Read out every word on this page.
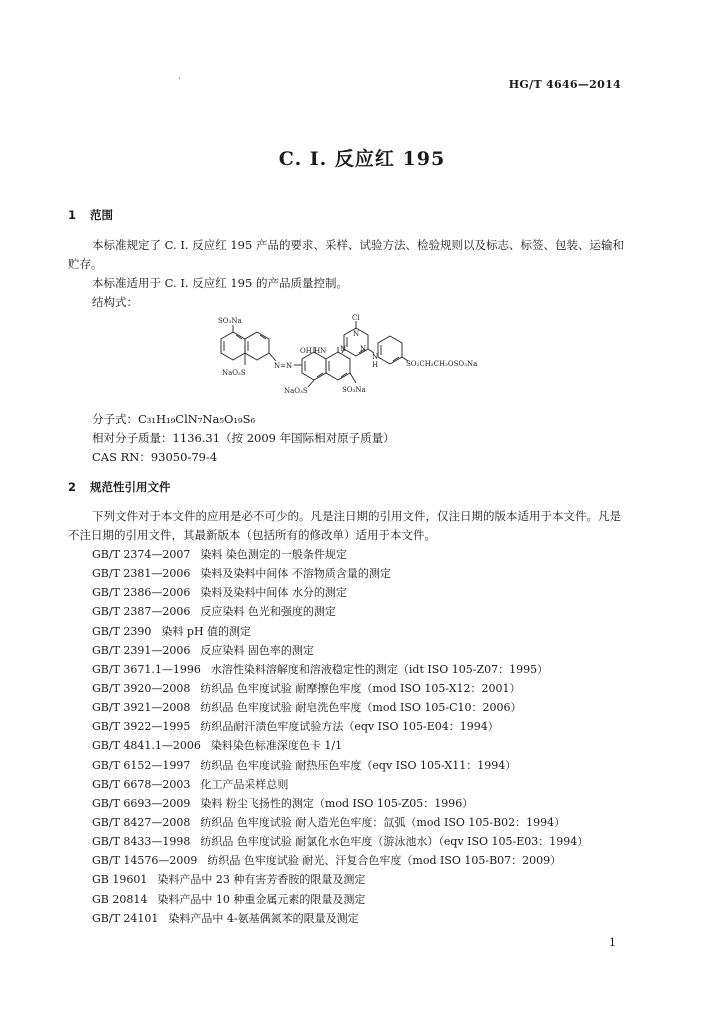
·	HG/T 4646—2014
C. I. 反应红 195
1 范围
本标准规定了 C. I. 反应红 195 产品的要求、采样、试验方法、检验规则以及标志、标签、包装、运输和贮存。
本标准适用于 C. I. 反应红 195 的产品质量控制。
结构式：
SO₃Na	Cl
N
N N
OH HN
N
H
N=N
NaO₃S
NaO₃S	SO₃Na
SO₂CH₂CH₂OSO₃Na
分子式：C₃₁H₁₉ClN₇Na₅O₁₉S₆
相对分子质量：1136.31（按 2009 年国际相对原子质量）
CAS RN：93050-79-4
2 规范性引用文件
下列文件对于本文件的应用是必不可少的。凡是注日期的引用文件，仅注日期的版本适用于本文件。凡是不注日期的引用文件，其最新版本（包括所有的修改单）适用于本文件。
GB/T 2374—2007 染料 染色测定的一般条件规定
GB/T 2381—2006 染料及染料中间体 不溶物质含量的测定
GB/T 2386—2006 染料及染料中间体 水分的测定
GB/T 2387—2006 反应染料 色光和强度的测定
GB/T 2390 染料 pH 值的测定
GB/T 2391—2006 反应染料 固色率的测定
GB/T 3671.1—1996 水溶性染料溶解度和溶液稳定性的测定（idt ISO 105-Z07：1995）
GB/T 3920—2008 纺织品 色牢度试验 耐摩擦色牢度（mod ISO 105-X12：2001）
GB/T 3921—2008 纺织品 色牢度试验 耐皂洗色牢度（mod ISO 105-C10：2006）
GB/T 3922—1995 纺织品耐汗渍色牢度试验方法（eqv ISO 105-E04：1994）
GB/T 4841.1—2006 染料染色标准深度色卡 1/1
GB/T 6152—1997 纺织品 色牢度试验 耐热压色牢度（eqv ISO 105-X11：1994）
GB/T 6678—2003 化工产品采样总则
GB/T 6693—2009 染料 粉尘飞扬性的测定（mod ISO 105-Z05：1996）
GB/T 8427—2008 纺织品 色牢度试验 耐人造光色牢度：氙弧（mod ISO 105-B02：1994）
GB/T 8433—1998 纺织品 色牢度试验 耐氯化水色牢度（游泳池水）（eqv ISO 105-E03：1994）
GB/T 14576—2009 纺织品 色牢度试验 耐光、汗复合色牢度（mod ISO 105-B07：2009）
GB 19601 染料产品中 23 种有害芳香胺的限量及测定
GB 20814 染料产品中 10 种重金属元素的限量及测定
GB/T 24101 染料产品中 4-氨基偶氮苯的限量及测定
1
